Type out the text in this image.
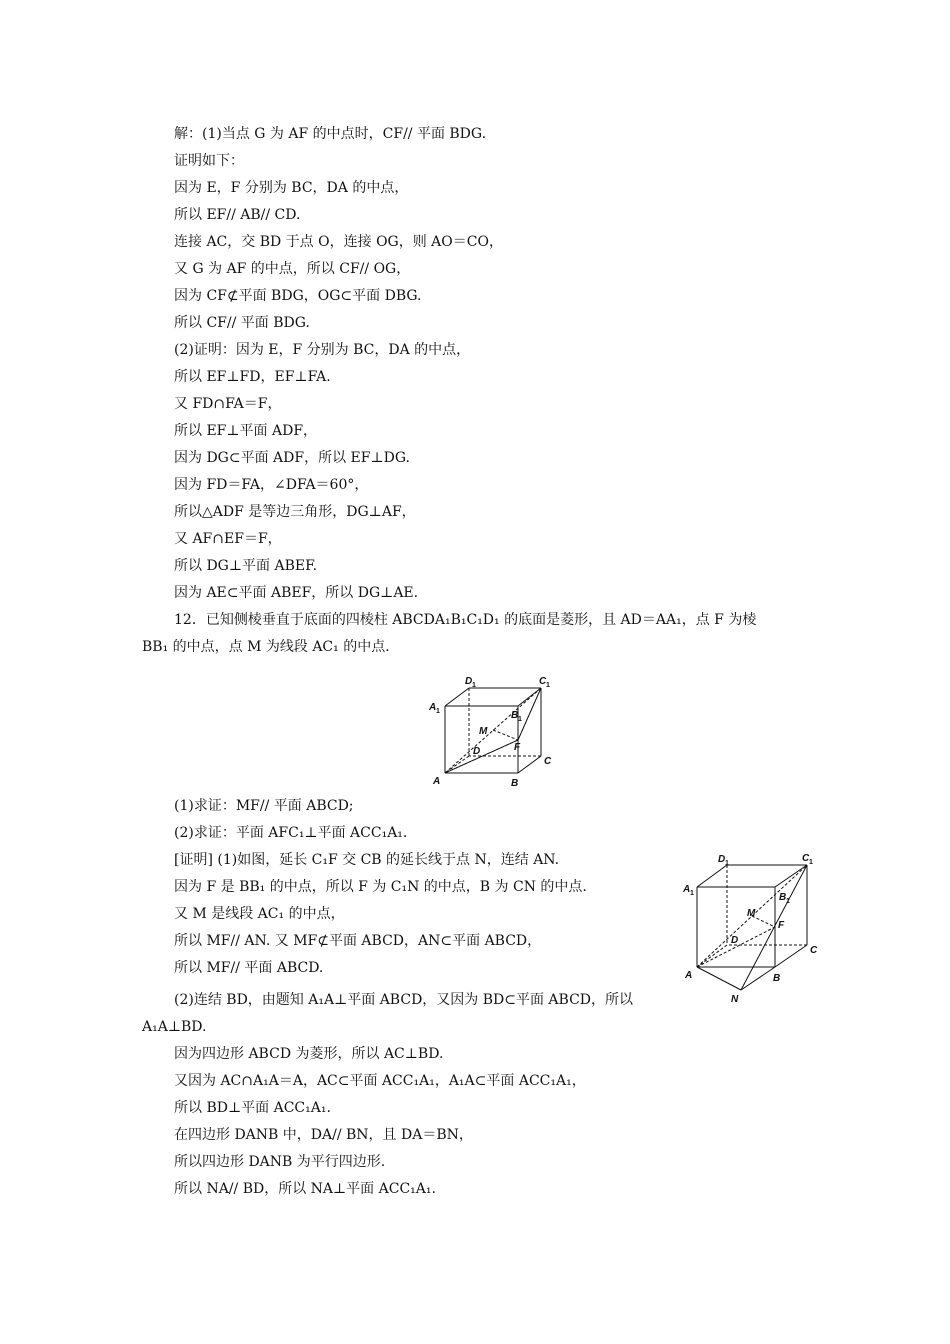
解：(1)当点 G 为 AF 的中点时，CF// 平面 BDG.
证明如下：
因为 E，F 分别为 BC，DA 的中点，
所以 EF// AB// CD.
连接 AC，交 BD 于点 O，连接 OG，则 AO＝CO，
又 G 为 AF 的中点，所以 CF// OG，
因为 CF⊄平面 BDG，OG⊂平面 DBG.
所以 CF// 平面 BDG.
(2)证明：因为 E，F 分别为 BC，DA 的中点，
所以 EF⊥FD，EF⊥FA.
又 FD∩FA＝F，
所以 EF⊥平面 ADF，
因为 DG⊂平面 ADF，所以 EF⊥DG.
因为 FD＝FA，∠DFA＝60°，
所以△ADF 是等边三角形，DG⊥AF，
又 AF∩EF＝F，
所以 DG⊥平面 ABEF.
因为 AE⊂平面 ABEF，所以 DG⊥AE.
12．已知侧棱垂直于底面的四棱柱 ABCDA₁B₁C₁D₁ 的底面是菱形，且 AD＝AA₁，点 F 为棱
BB₁ 的中点，点 M 为线段 AC₁ 的中点．
A	B
C
D
A 1	B 1
C 1
D 1
M
F
(1)求证：MF// 平面 ABCD;
(2)求证：平面 AFC₁⊥平面 ACC₁A₁.
[证明] (1)如图，延长 C₁F 交 CB 的延长线于点 N，连结 AN.
因为 F 是 BB₁ 的中点，所以 F 为 C₁N 的中点，B 为 CN 的中点.
又 M 是线段 AC₁ 的中点，
所以 MF// AN. 又 MF⊄平面 ABCD，AN⊂平面 ABCD，
所以 MF// 平面 ABCD.
(2)连结 BD，由题知 A₁A⊥平面 ABCD，又因为 BD⊂平面 ABCD，所以
A₁A⊥BD.
因为四边形 ABCD 为菱形，所以 AC⊥BD.
又因为 AC∩A₁A＝A，AC⊂平面 ACC₁A₁，A₁A⊂平面 ACC₁A₁，
所以 BD⊥平面 ACC₁A₁.
在四边形 DANB 中，DA// BN，且 DA＝BN，
所以四边形 DANB 为平行四边形.
所以 NA// BD，所以 NA⊥平面 ACC₁A₁.
A	B
C
D
A 1	B 1
C 1
D 1
M
F
N
